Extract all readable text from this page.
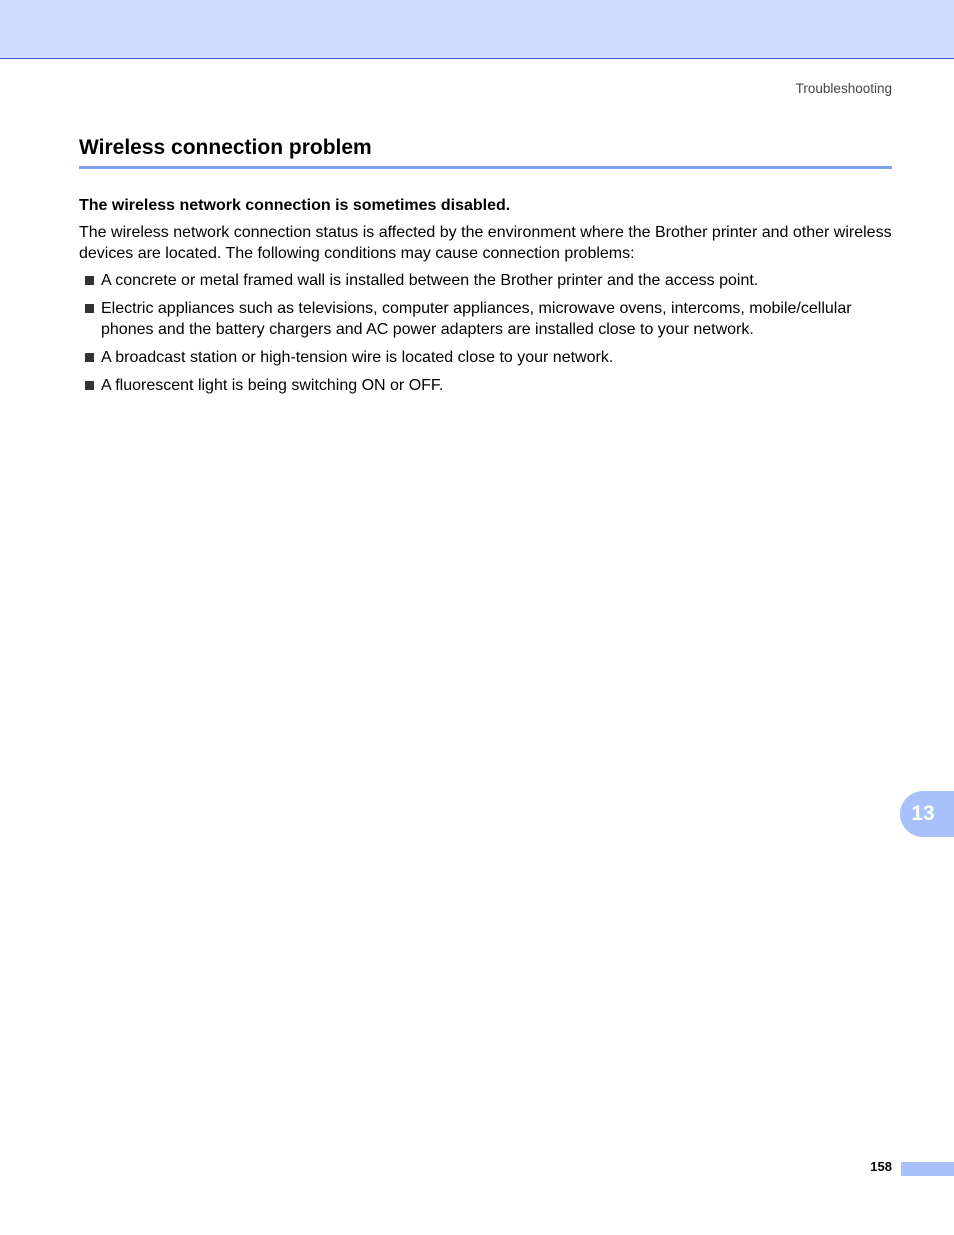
Troubleshooting
Wireless connection problem
The wireless network connection is sometimes disabled.

The wireless network connection status is affected by the environment where the Brother printer and other wireless devices are located. The following conditions may cause connection problems:

A concrete or metal framed wall is installed between the Brother printer and the access point.
Electric appliances such as televisions, computer appliances, microwave ovens, intercoms, mobile/cellular phones and the battery chargers and AC power adapters are installed close to your network.
A broadcast station or high-tension wire is located close to your network.
A fluorescent light is being switching ON or OFF.
13
158
